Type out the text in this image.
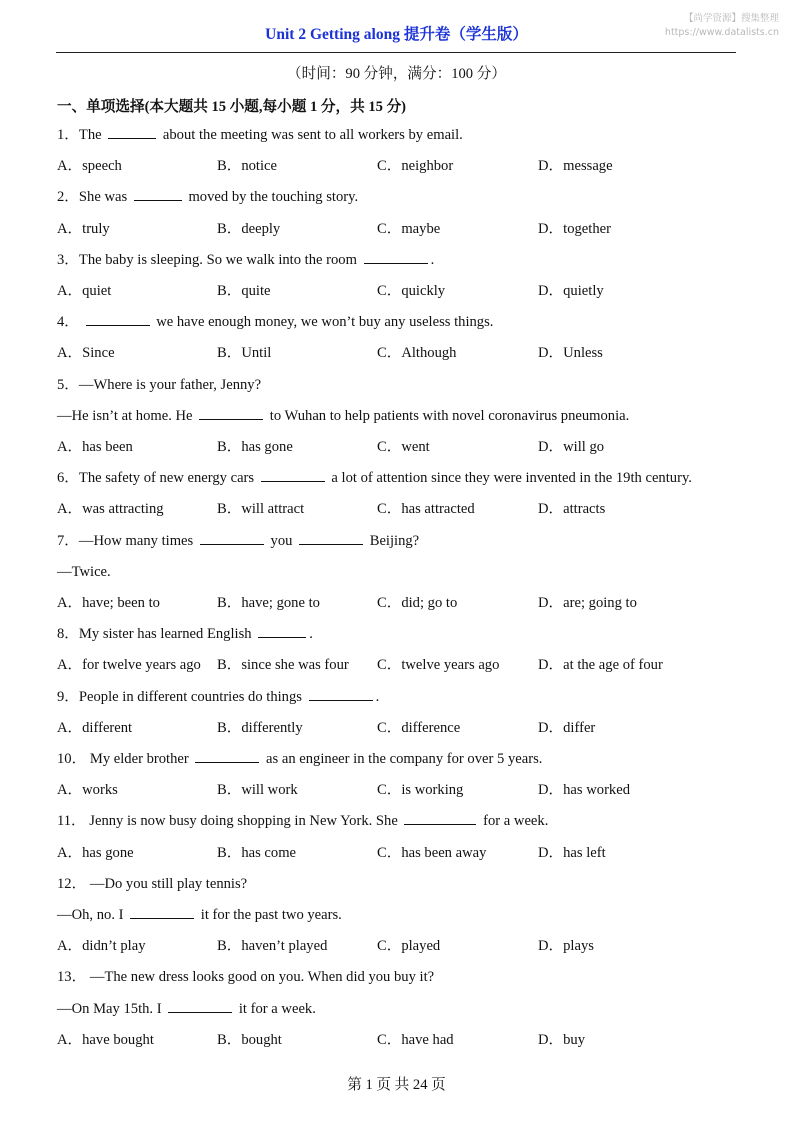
【尚学资源】搜集整理
https://www.datalists.cn
Unit 2 Getting along 提升卷（学生版）
（时间：90 分钟，满分：100 分）
一、单项选择(本大题共 15 小题,每小题 1 分，共 15 分)
1．The	about the meeting was sent to all workers by email.
A．speech	B．notice	C．neighbor	D．message
2．She was	moved by the touching story.
A．truly	B．deeply	C．maybe	D．together
3．The baby is sleeping. So we walk into the room	.
A．quiet	B．quite	C．quickly	D．quietly
4．	we have enough money, we won’t buy any useless things.
A．Since	B．Until	C．Although	D．Unless
5．—Where is your father, Jenny?
—He isn’t at home. He	to Wuhan to help patients with novel coronavirus pneumonia.
A．has been	B．has gone	C．went	D．will go
6．The safety of new energy cars	a lot of attention since they were invented in the 19th century.
A．was attracting	B．will attract	C．has attracted	D．attracts
7．—How many times	you	Beijing?
—Twice.
A．have; been to	B．have; gone to	C．did; go to	D．are; going to
8．My sister has learned English	.
A．for twelve years ago B．since she was four C．twelve years ago	D．at the age of four
9．People in different countries do things	.
A．different	B．differently	C．difference	D．differ
10． My elder brother	as an engineer in the company for over 5 years.
A．works	B．will work	C．is working	D．has worked
11． Jenny is now busy doing shopping in New York. She	for a week.
A．has gone	B．has come	C．has been away	D．has left
12． —Do you still play tennis?
—Oh, no. I	it for the past two years.
A．didn’t play	B．haven’t played	C．played	D．plays
13． —The new dress looks good on you. When did you buy it?
—On May 15th. I	it for a week.
A．have bought	B．bought	C．have had	D．buy
第 1 页 共 24 页
